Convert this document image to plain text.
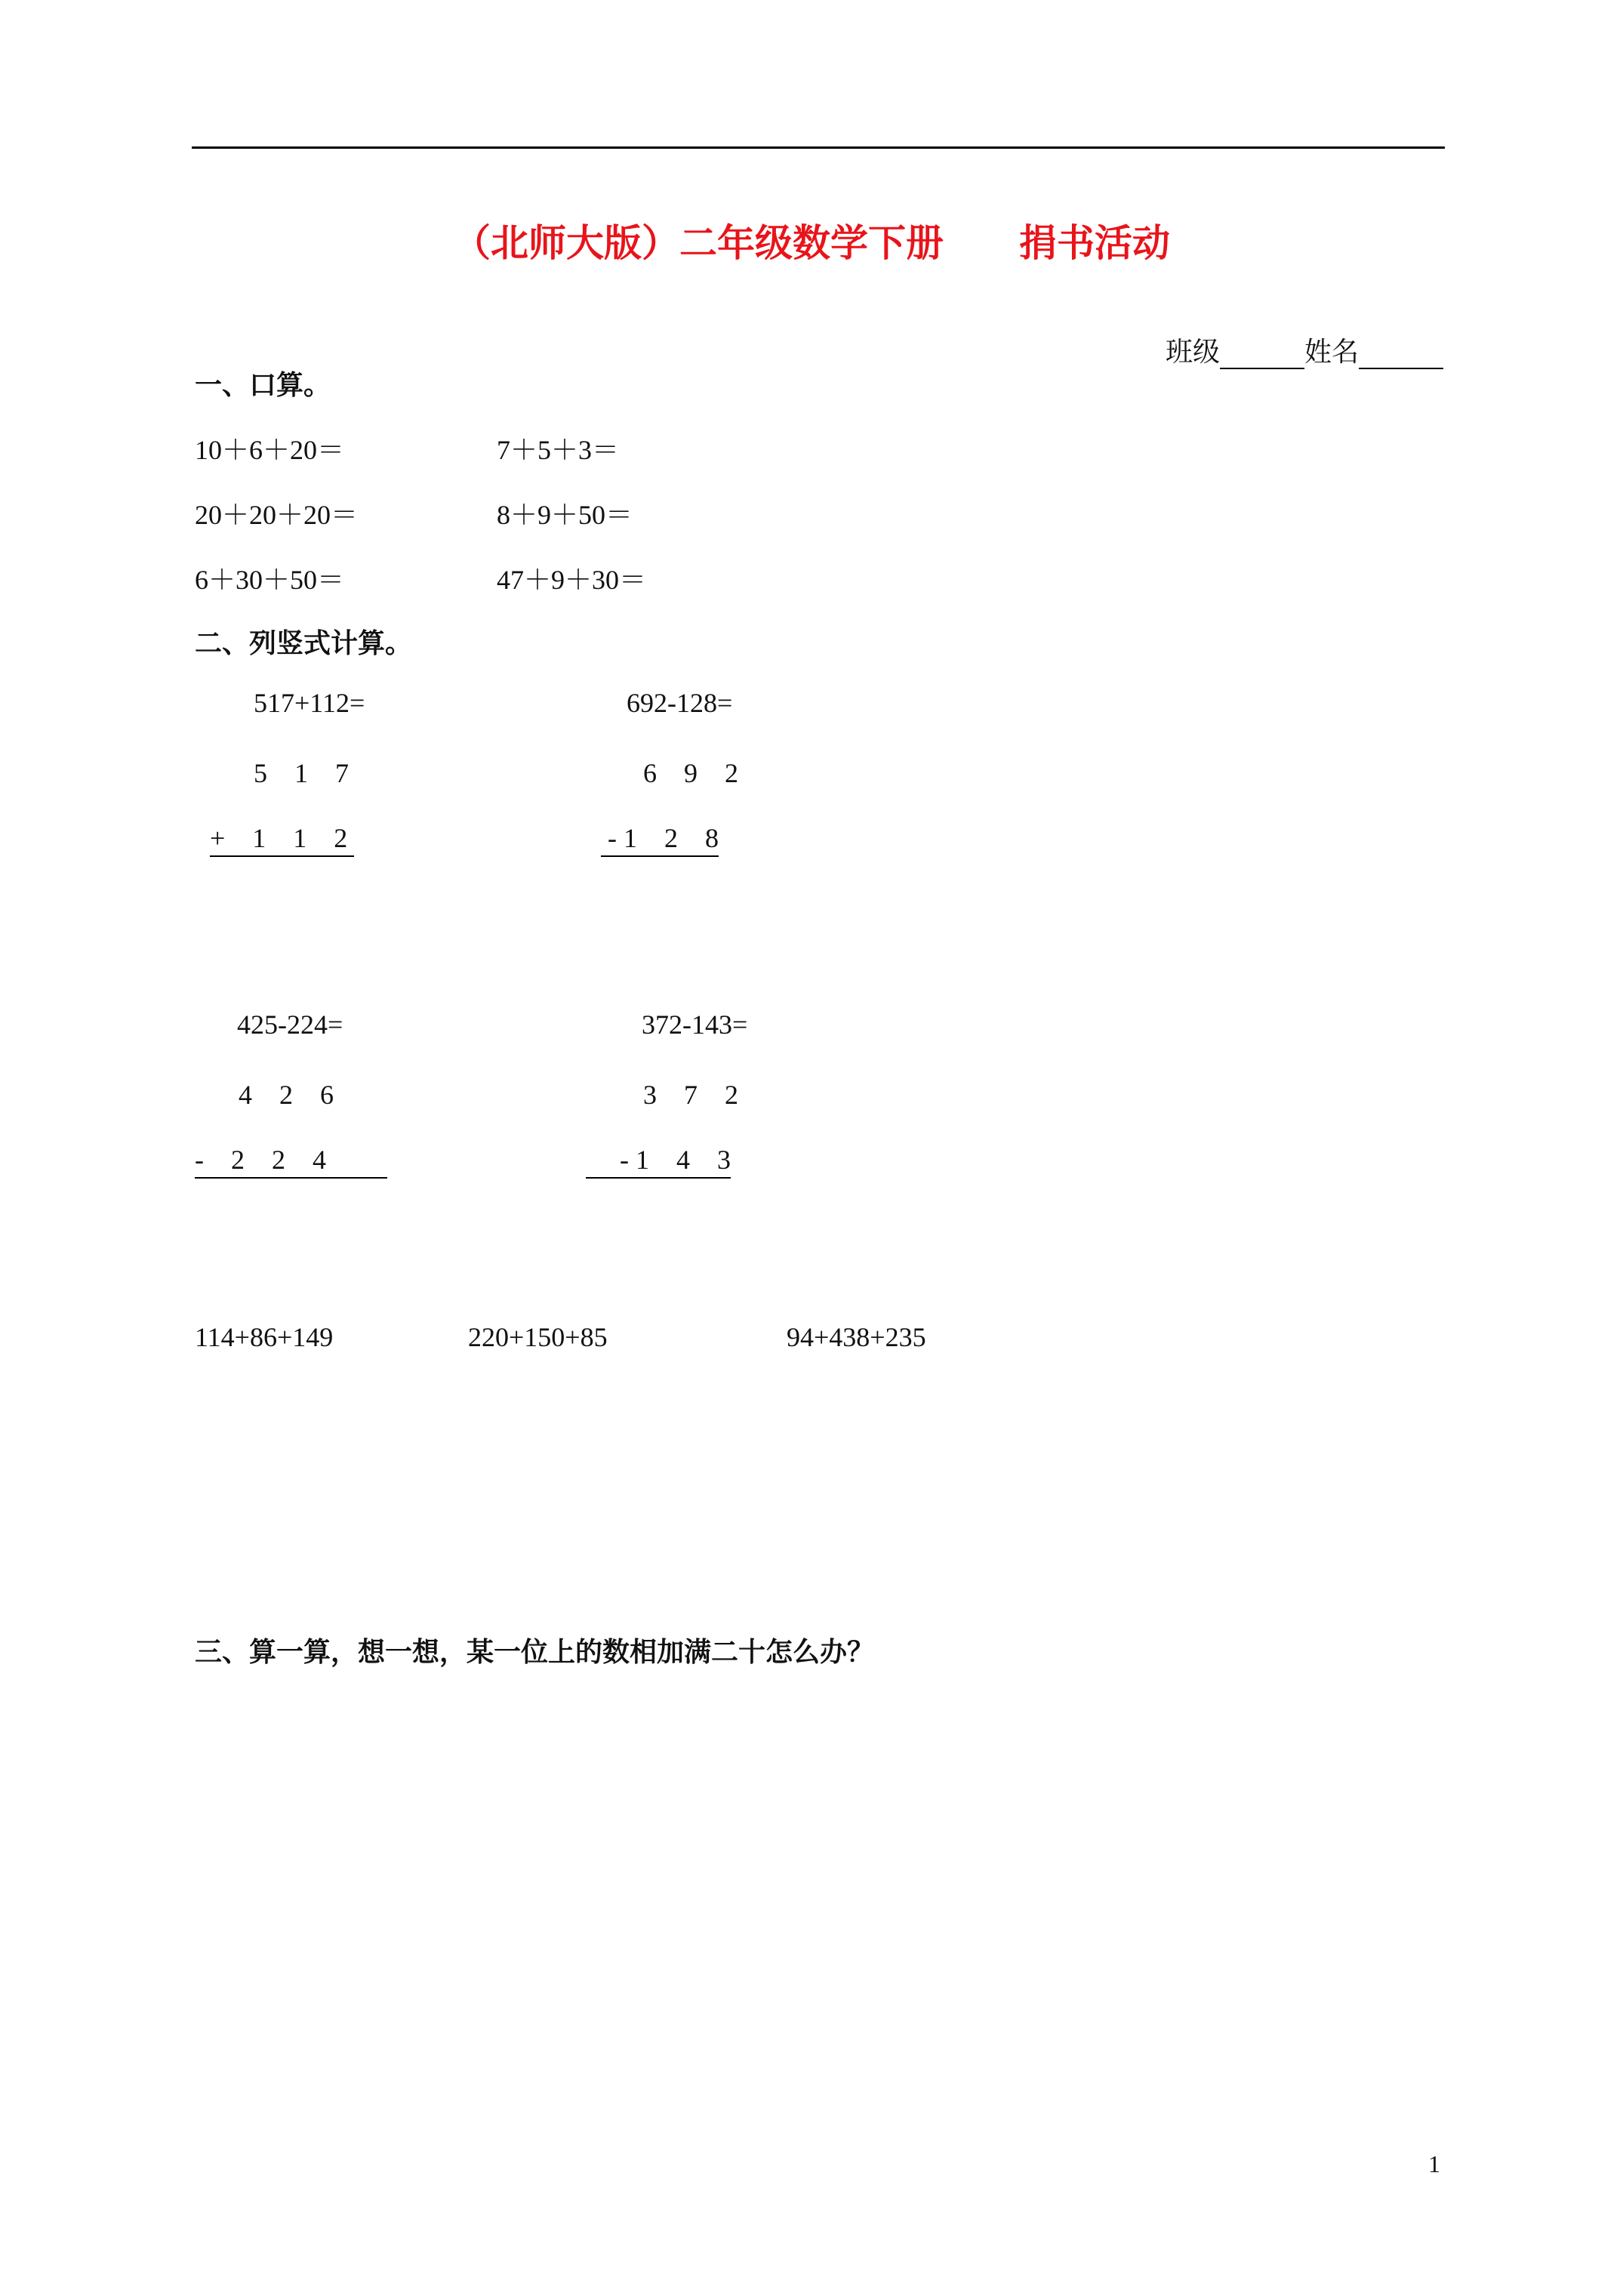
（北师大版）二年级数学下册　　捐书活动

班级	姓名

一、口算。
10＋6＋20＝	7＋5＋3＝
20＋20＋20＝	8＋9＋50＝
6＋30＋50＝	47＋9＋30＝
二、列竖式计算。
517+112=
5　1　7
+　1　1　2
692-128=
6　9　2
- 1　2　8
425-224=
4　2　6
-　2　2　4　　
372-143=
3　7　2
　 - 1　4　3
114+86+149	220+150+85	94+438+235
三、算一算，想一想，某一位上的数相加满二十怎么办？
1
